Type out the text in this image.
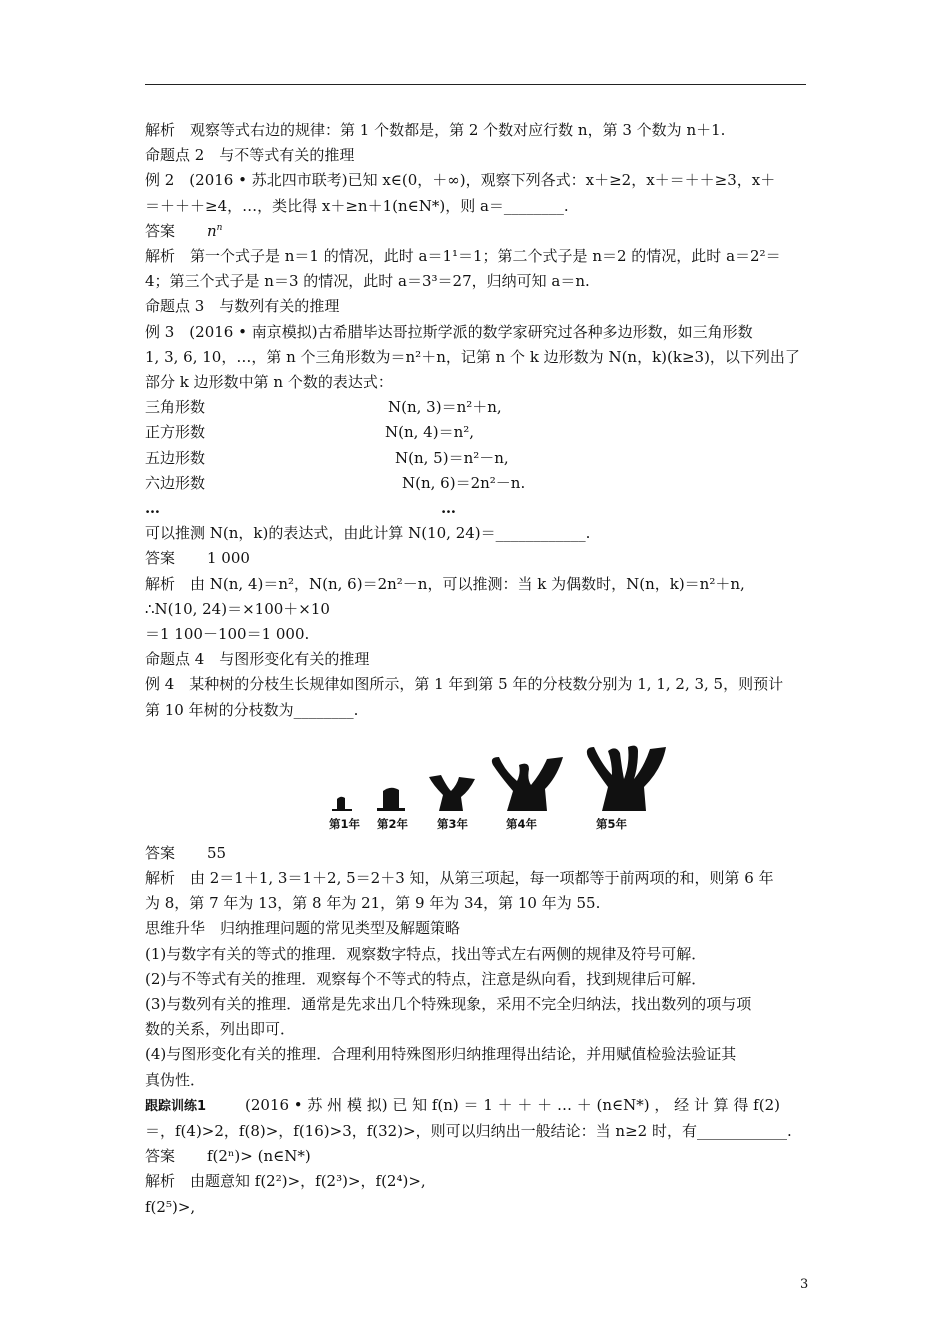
解析　观察等式右边的规律：第 1 个数都是，第 2 个数对应行数 n，第 3 个数为 n＋1.
命题点 2　与不等式有关的推理
例 2　(2016 • 苏北四市联考)已知 x∈(0，＋∞)，观察下列各式：x＋≥2，x＋＝＋＋≥3，x＋
＝＋＋＋≥4，…，类比得 x＋≥n＋1(n∈N*)，则 a＝________.
答案 $n^n$
解析　第一个式子是 n＝1 的情况，此时 a＝1¹＝1；第二个式子是 n＝2 的情况，此时 a＝2²＝
4；第三个式子是 n＝3 的情况，此时 a＝3³＝27，归纳可知 a＝n.
命题点 3　与数列有关的推理
例 3　(2016 • 南京模拟)古希腊毕达哥拉斯学派的数学家研究过各种多边形数，如三角形数
1, 3, 6, 10，…，第 n 个三角形数为＝n²＋n，记第 n 个 k 边形数为 N(n，k)(k≥3)，以下列出了
部分 k 边形数中第 n 个数的表达式：
三角形数	N(n, 3)＝n²＋n,
正方形数	N(n, 4)＝n²,
五边形数	N(n, 5)＝n²－n,
六边形数	N(n, 6)＝2n²－n.
…	…
可以推测 N(n，k)的表达式，由此计算 N(10, 24)＝____________.
答案 1 000
解析　由 N(n, 4)＝n²，N(n, 6)＝2n²－n，可以推测：当 k 为偶数时，N(n，k)＝n²＋n,
∴N(10, 24)＝×100＋×10
＝1 100－100＝1 000.
命题点 4　与图形变化有关的推理
例 4　某种树的分枝生长规律如图所示，第 1 年到第 5 年的分枝数分别为 1, 1, 2, 3, 5，则预计
第 10 年树的分枝数为________.
第1年 第2年	第3年	第4年	第5年
答案 55
解析　由 2＝1＋1, 3＝1＋2, 5＝2＋3 知，从第三项起，每一项都等于前两项的和，则第 6 年
为 8，第 7 年为 13，第 8 年为 21，第 9 年为 34，第 10 年为 55.
思维升华　归纳推理问题的常见类型及解题策略
(1)与数字有关的等式的推理．观察数字特点，找出等式左右两侧的规律及符号可解．
(2)与不等式有关的推理．观察每个不等式的特点，注意是纵向看，找到规律后可解．
(3)与数列有关的推理．通常是先求出几个特殊现象，采用不完全归纳法，找出数列的项与项
数的关系，列出即可．
(4)与图形变化有关的推理．合理利用特殊图形归纳推理得出结论，并用赋值检验法验证其
真伪性．
跟踪训练1	(2016 • 苏 州 模 拟) 已 知 f(n) ＝ 1 ＋ ＋ ＋ … ＋ (n∈N*) ， 经 计 算 得 f(2)
＝，f(4)>2，f(8)>，f(16)>3，f(32)>，则可以归纳出一般结论：当 n≥2 时，有____________.
答案 f(2ⁿ)> (n∈N*)
解析　由题意知 f(2²)>，f(2³)>，f(2⁴)>,
f(2⁵)>,
3
